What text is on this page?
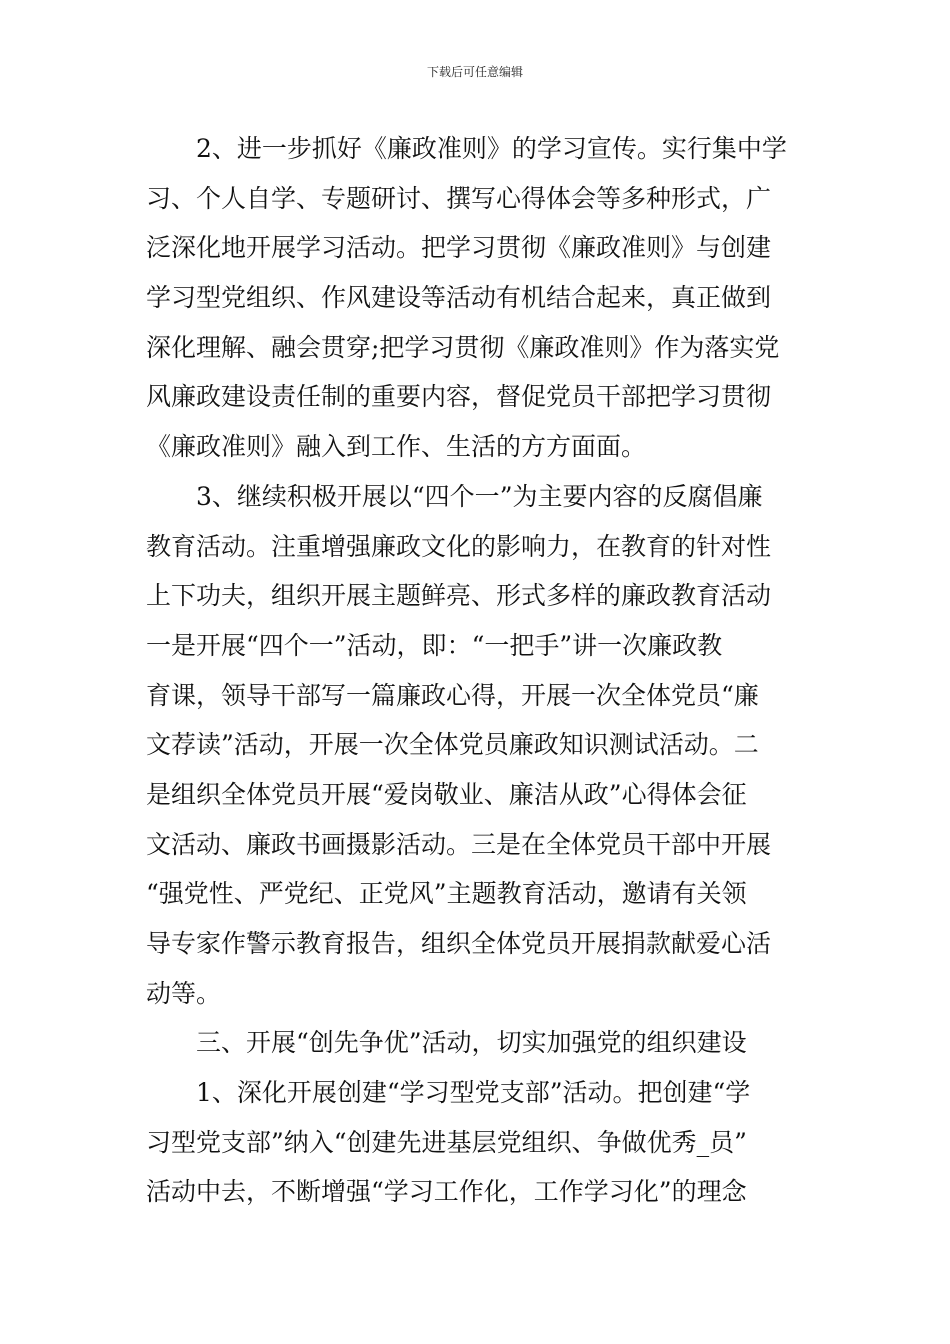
下载后可任意编辑
2、进一步抓好《廉政准则》的学习宣传。实行集中学
习、个人自学、专题研讨、撰写心得体会等多种形式，广
泛深化地开展学习活动。把学习贯彻《廉政准则》与创建
学习型党组织、作风建设等活动有机结合起来，真正做到
深化理解、融会贯穿;把学习贯彻《廉政准则》作为落实党
风廉政建设责任制的重要内容，督促党员干部把学习贯彻
《廉政准则》融入到工作、生活的方方面面。
3、继续积极开展以“四个一”为主要内容的反腐倡廉
教育活动。注重增强廉政文化的影响力，在教育的针对性
上下功夫，组织开展主题鲜亮、形式多样的廉政教育活动
一是开展“四个一”活动，即：“一把手”讲一次廉政教
育课，领导干部写一篇廉政心得，开展一次全体党员“廉
文荐读”活动，开展一次全体党员廉政知识测试活动。二
是组织全体党员开展“爱岗敬业、廉洁从政”心得体会征
文活动、廉政书画摄影活动。三是在全体党员干部中开展
“强党性、严党纪、正党风”主题教育活动，邀请有关领
导专家作警示教育报告，组织全体党员开展捐款献爱心活
动等。
三、开展“创先争优”活动，切实加强党的组织建设
1、深化开展创建“学习型党支部”活动。把创建“学
习型党支部”纳入“创建先进基层党组织、争做优秀_员”
活动中去，不断增强“学习工作化，工作学习化”的理念
